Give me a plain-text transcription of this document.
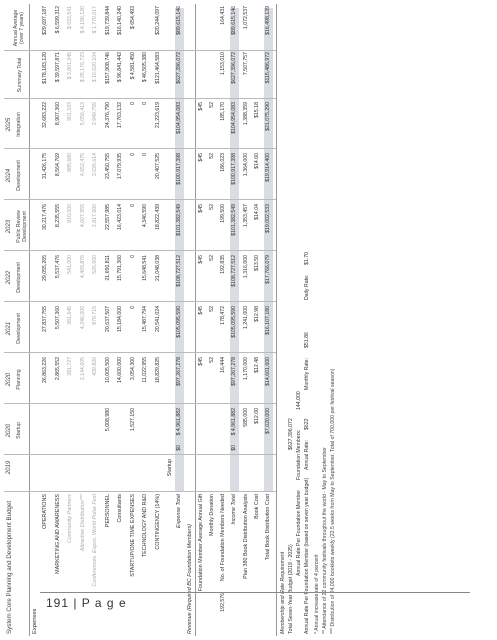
System Core Planning and Development Budget
2019
2020
2020
2021
2022
2023
2024
2025
Startup
Planning
Development
Development
Public Review Development
Development
Integration
Summary Total
Annual Average (over 7 years)
Expenses
OPERATIONS
26,863,226
27,837,755
29,055,265
30,217,476
31,426,175
32,683,222
$178,183,120
$29,697,187
MARKETING AND AWARENESS
2,865,552
5,507,360
5,537,476
8,235,555
8,564,769
8,907,360
$ 39,597,871
$ 6,599,312
Community Partners
281,727
381,645
541,000
810,000
885,680
901,193
$ 3,801,245
$ 633,541
Attractive Distribution***
2,144,005
4,246,000
4,469,876
4,607,955
4,652,475
5,056,412
$ 25,176,723
$ 4,196,120
Conferences, Expos, World Pulse Fest
439,820
879,715
526,600
2,817,600
3,026,614
2,949,755
$ 10,620,104
$ 1,770,017
PERSONNEL
5,008,980
10,005,500
20,637,507
21,650,811
22,557,985
23,450,755
24,376,790
$157,908,746
$19,739,844
Consultants
14,600,000
15,184,000
15,791,360
16,423,014
17,079,935
17,763,132
$ 96,841,442
$16,140,240
STARTUP/ONE TIME EXPENSES
1,527,150
3,054,300
0
0
0
0
0
$ 4,581,450
$ 654,493
TECHNOLOGY AND R&D
11,022,955
15,487,794
15,648,541
4,346,590
0
0
$ 46,505,380
CONTINGENCY (14%)
18,829,825
20,541,024
21,048,038
18,822,439
20,407,525
21,223,619
$121,464,583
$20,244,097
Startup
Expense Total
$0
$ 4,961,882
$97,267,278
$105,095,590
$108,727,512
$101,382,549
$100,917,398
$104,954,083
$627,396,072
$89,615,146
Revenue (Required BC Foundation Members) Foundation Member Average Annual Gift
$45
$45
$45
$45
$45
$45
Monthly Donation
52
52
52
52
52
52
No. of Foundation Members Needed
16,444
178,472
192,835
199,500
186,023
185,170
192,576
1,153,010
164,431
Income Total
$0
$ 4,961,882
$97,267,278
$105,095,590
$108,727,512
$101,382,549
$100,917,398
$104,954,083
$627,396,072
$89,615,146
Plan 380 Book Distribution Analysis
585,000
1,170,000
1,241,000
1,316,000
1,353,457
1,364,000
1,388,359
7,507,757
1,072,537
Book Cost
$12.00
$12.48
$12.98
$13.50
$14.04
$14.60
$15.18
Total Book Distribution Cost
$7,020,000
$14,601,600
$16,107,180
$17,766,079
$19,002,533
$19,914,400
$21,075,290
$115,486,972
$16,498,139
Membership and Rate Requirement Total Seven-Year Budget (2019 - 2025)
$627,396,072
Annual Rate Per Foundation Member
Foundation Members:
144,000
Annual Rate Per Foundation Member (based on seven year budget)
Annual Rate:
$622
Monthly Rate:
$51.86
Daily Rate:
$1.70
* Annual increase rate of 4 percent ** Attendance of 22 community festivals throughout the world - May to September *** Distribution of 24,000 booklets weekly (22.5 weeks from May to September. Total of 700,000 per festival season)
191 | P a g e
